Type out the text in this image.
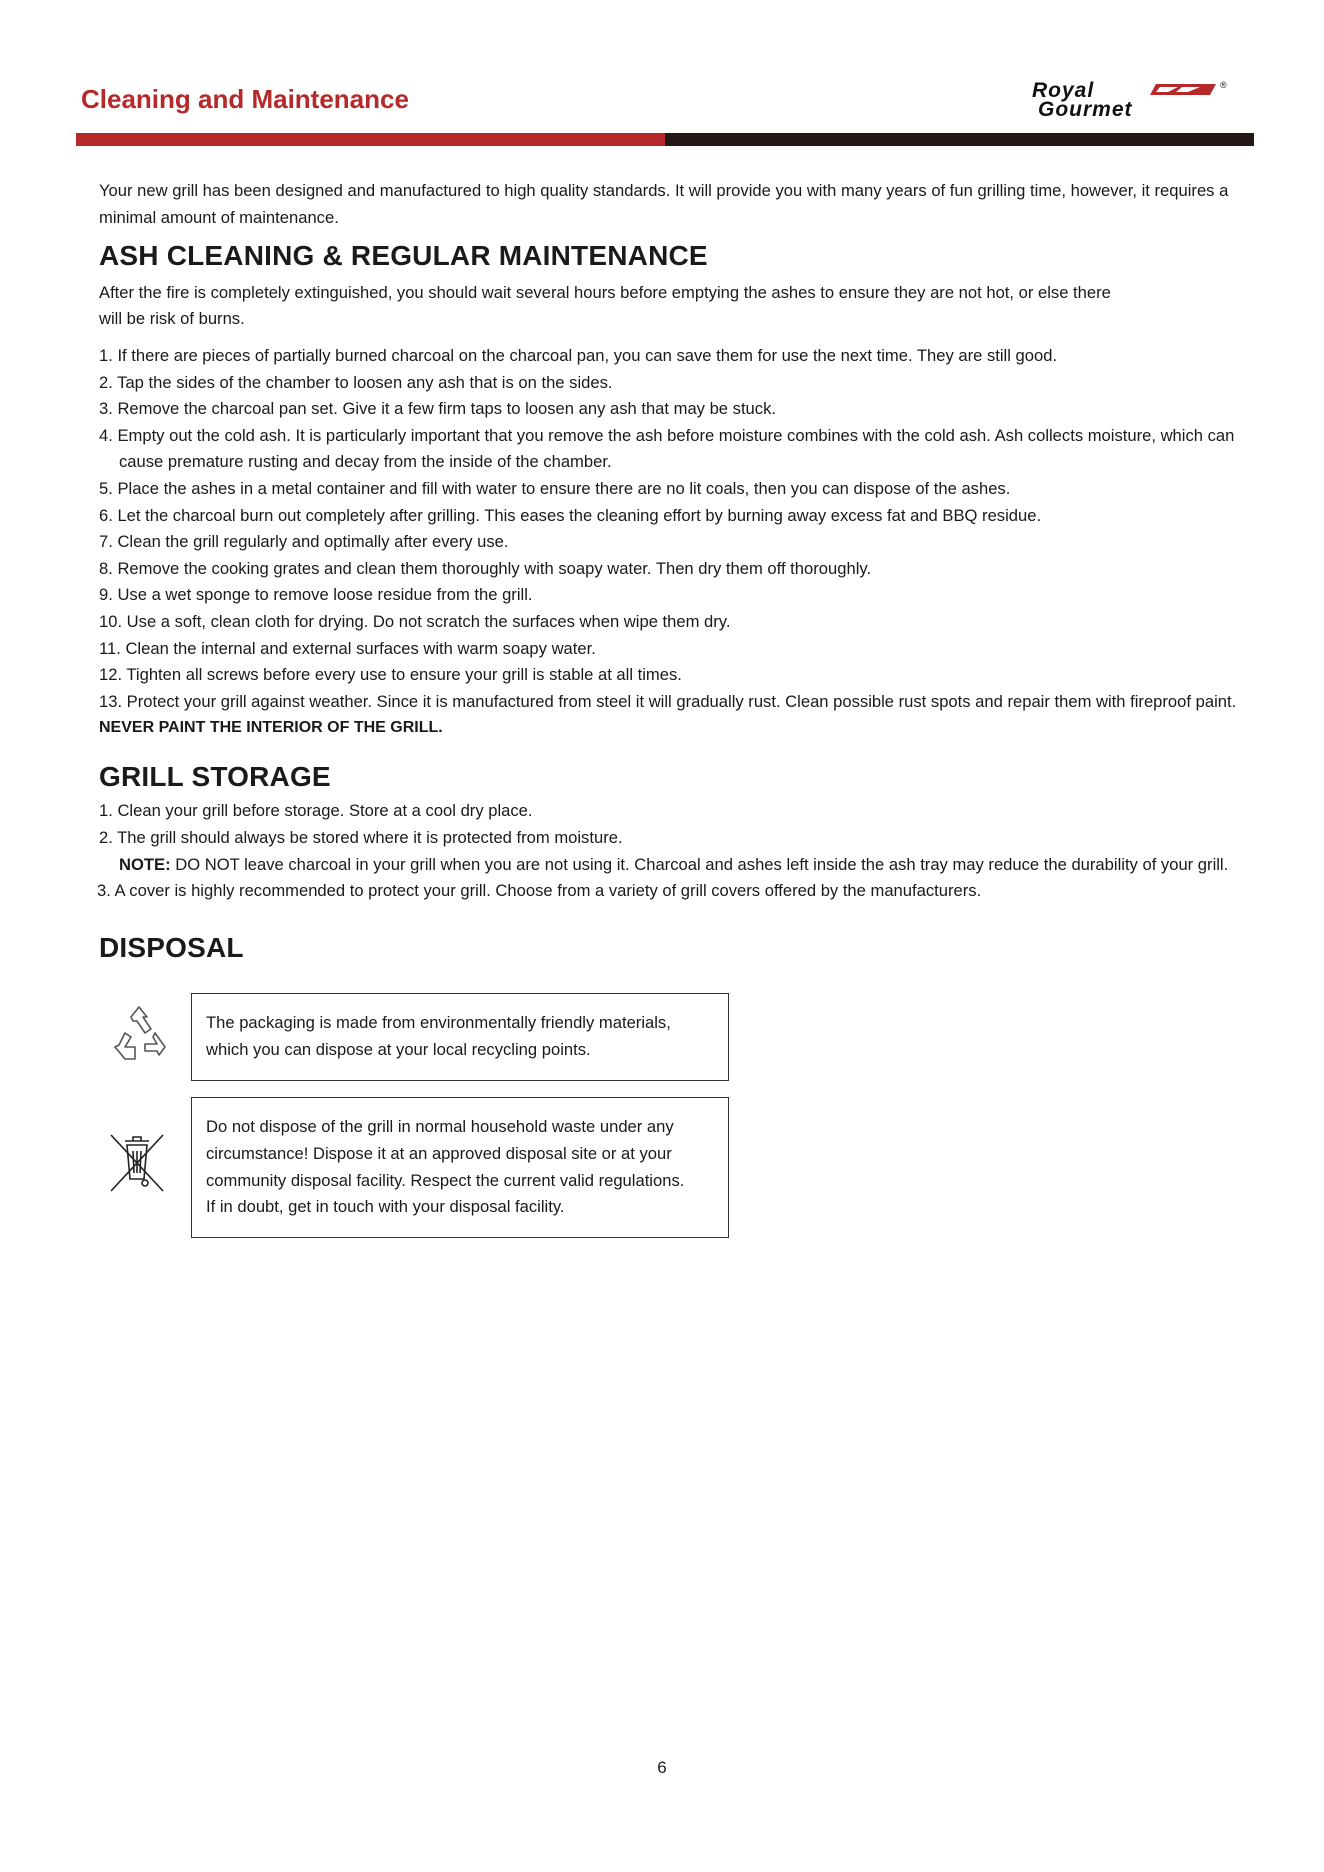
Cleaning and Maintenance	Royal
Gourmet
®

Your new grill has been designed and manufactured to high quality standards. It will provide you with many years of fun grilling time, however, it requires a minimal amount of maintenance.

ASH CLEANING & REGULAR MAINTENANCE

After the fire is completely extinguished, you should wait several hours before emptying the ashes to ensure they are not hot, or else there will be risk of burns.

1. If there are pieces of partially burned charcoal on the charcoal pan, you can save them for use the next time. They are still good.
2. Tap the sides of the chamber to loosen any ash that is on the sides.
3. Remove the charcoal pan set. Give it a few firm taps to loosen any ash that may be stuck.
4. Empty out the cold ash. It is particularly important that you remove the ash before moisture combines with the cold ash. Ash collects moisture, which can cause premature rusting and decay from the inside of the chamber.
5. Place the ashes in a metal container and fill with water to ensure there are no lit coals, then you can dispose of the ashes.
6. Let the charcoal burn out completely after grilling. This eases the cleaning effort by burning away excess fat and BBQ residue.
7. Clean the grill regularly and optimally after every use.
8. Remove the cooking grates and clean them thoroughly with soapy water. Then dry them off thoroughly.
9. Use a wet sponge to remove loose residue from the grill.
10. Use a soft, clean cloth for drying. Do not scratch the surfaces when wipe them dry.
11. Clean the internal and external surfaces with warm soapy water.
12. Tighten all screws before every use to ensure your grill is stable at all times.
13. Protect your grill against weather. Since it is manufactured from steel it will gradually rust. Clean possible rust spots and repair them with fireproof paint.

NEVER PAINT THE INTERIOR OF THE GRILL.

GRILL STORAGE
1. Clean your grill before storage. Store at a cool dry place.
2. The grill should always be stored where it is protected from moisture.
NOTE: DO NOT leave charcoal in your grill when you are not using it. Charcoal and ashes left inside the ash tray may reduce the durability of your grill.
3. A cover is highly recommended to protect your grill. Choose from a variety of grill covers offered by the manufacturers.
DISPOSAL
The packaging is made from environmentally friendly materials,
which you can dispose at your local recycling points.
Do not dispose of the grill in normal household waste under any
circumstance! Dispose it at an approved disposal site or at your
community disposal facility. Respect the current valid regulations.
If in doubt, get in touch with your disposal facility.
6
